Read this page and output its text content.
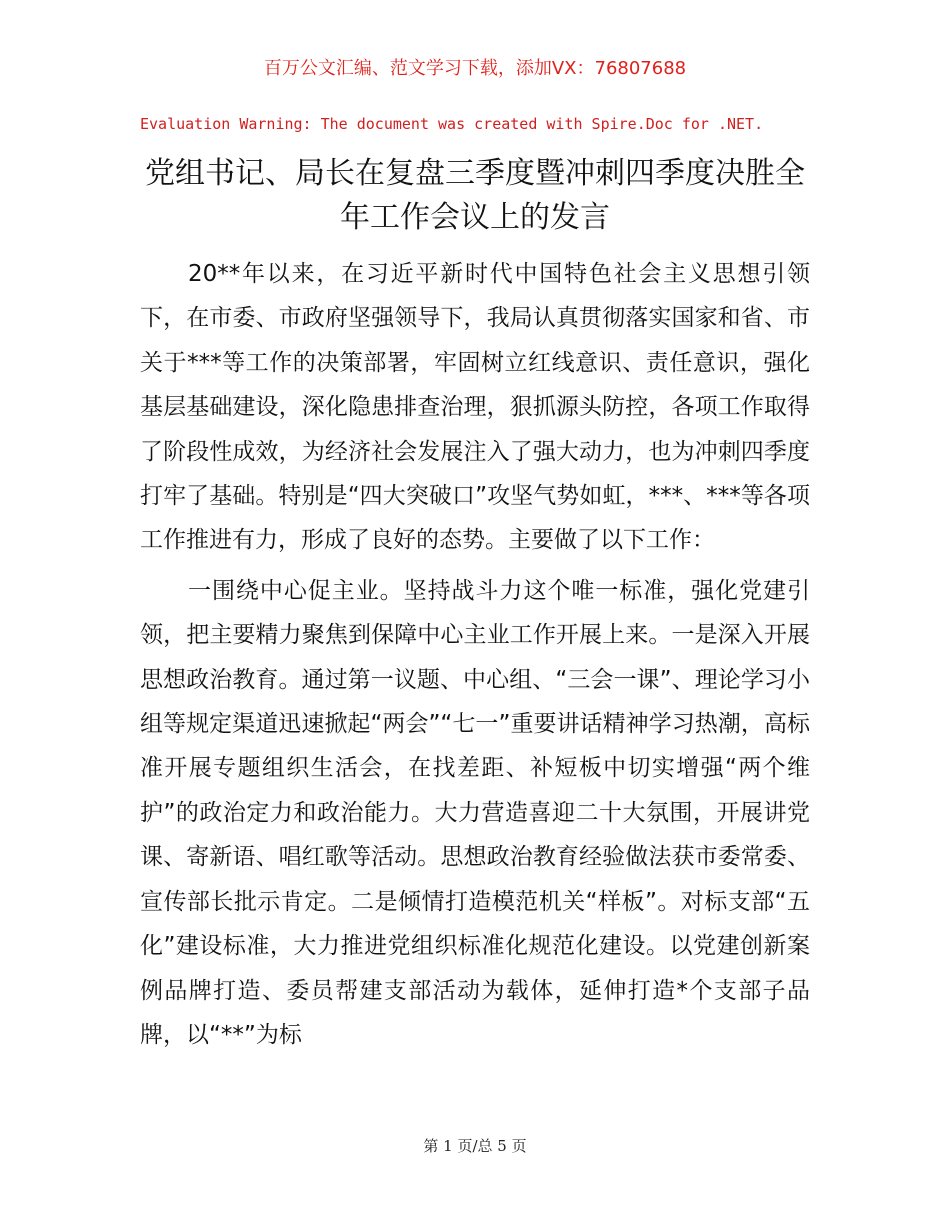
百万公文汇编、范文学习下载，添加VX：76807688
Evaluation Warning: The document was created with Spire.Doc for .NET.
党组书记、局长在复盘三季度暨冲刺四季度决胜全年工作会议上的发言

20**年以来，在习近平新时代中国特色社会主义思想引领下，在市委、市政府坚强领导下，我局认真贯彻落实国家和省、市关于***等工作的决策部署，牢固树立红线意识、责任意识，强化基层基础建设，深化隐患排查治理，狠抓源头防控，各项工作取得了阶段性成效，为经济社会发展注入了强大动力，也为冲刺四季度打牢了基础。特别是“四大突破口”攻坚气势如虹，***、***等各项工作推进有力，形成了良好的态势。主要做了以下工作：

一围绕中心促主业。坚持战斗力这个唯一标准，强化党建引领，把主要精力聚焦到保障中心主业工作开展上来。一是深入开展思想政治教育。通过第一议题、中心组、“三会一课”、理论学习小组等规定渠道迅速掀起“两会”“七一”重要讲话精神学习热潮，高标准开展专题组织生活会，在找差距、补短板中切实增强“两个维护”的政治定力和政治能力。大力营造喜迎二十大氛围，开展讲党课、寄新语、唱红歌等活动。思想政治教育经验做法获市委常委、宣传部长批示肯定。二是倾情打造模范机关“样板”。对标支部“五化”建设标准，大力推进党组织标准化规范化建设。以党建创新案例品牌打造、委员帮建支部活动为载体，延伸打造*个支部子品牌，以“**”为标

第 1 页/总 5 页
